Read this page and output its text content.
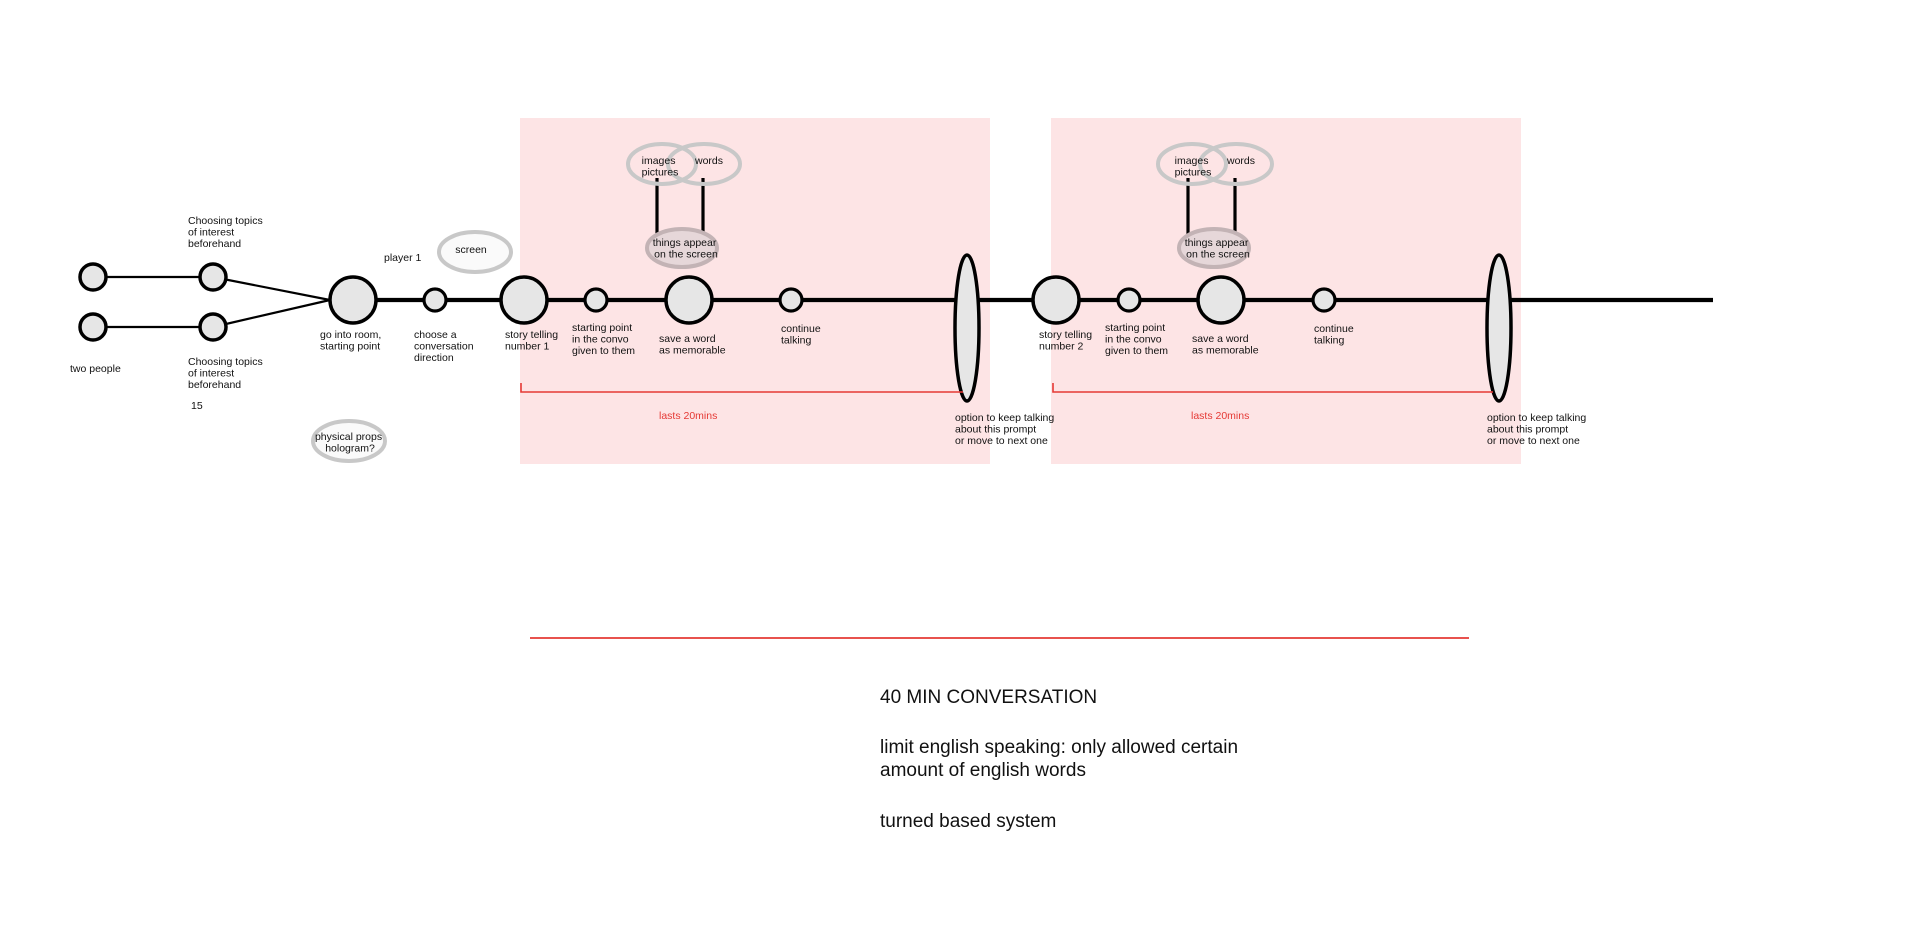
two people
Choosing topics of interest beforehand
Choosing topics of interest beforehand
15
go into room, starting point
physical props hologram?
player 1
screen
choose a conversation direction
story telling number 1
starting point in the convo given to them
images pictures
words
things appear on the screen
save a word as memorable
continue talking
lasts 20mins	option to keep talking about this prompt or move to next one
story telling number 2
starting point in the convo given to them
images pictures
words
things appear on the screen
save a word as memorable
continue talking
lasts 20mins	option to keep talking about this prompt or move to next one

40 MIN CONVERSATION

limit english speaking: only allowed certain
amount of english words

turned based system
